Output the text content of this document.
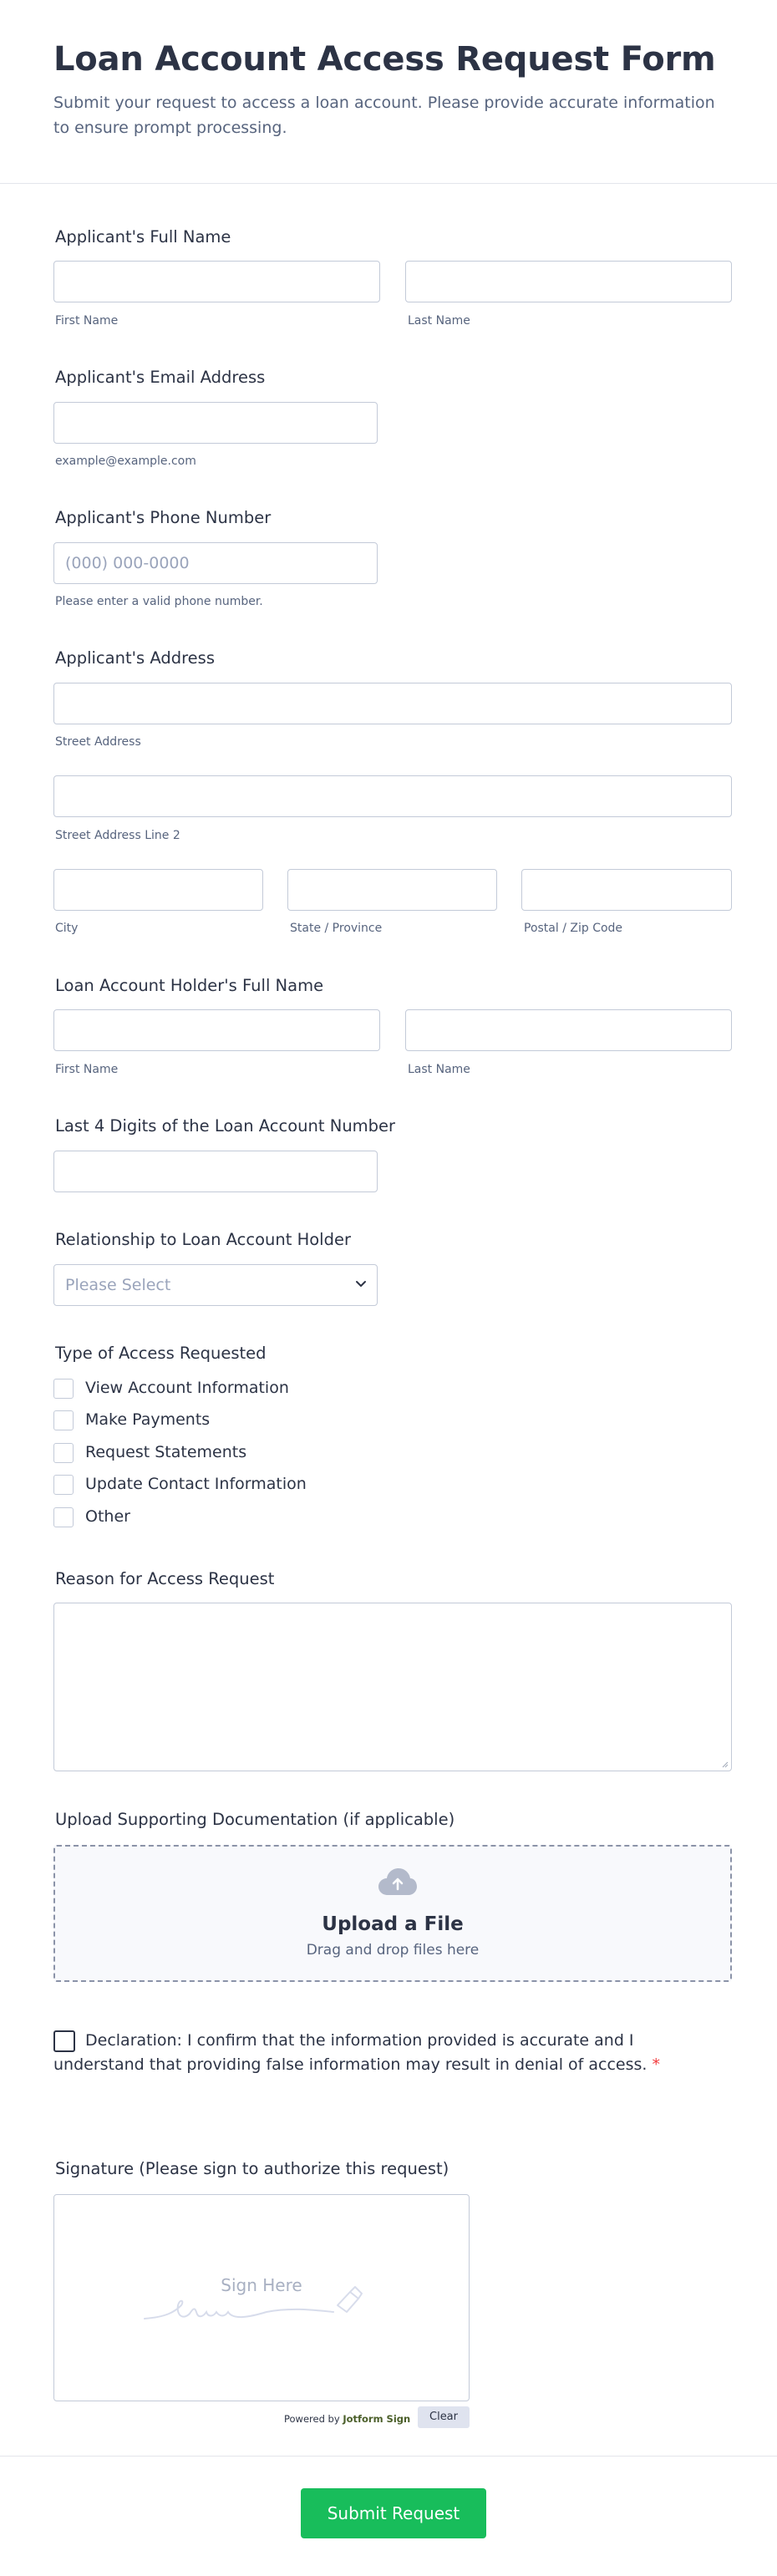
Loan Account Access Request Form
Submit your request to access a loan account. Please provide accurate information to ensure prompt processing.
Applicant's Full Name
First Name	Last Name
Applicant's Email Address
example@example.com
Applicant's Phone Number
(000) 000-0000
Please enter a valid phone number.
Applicant's Address
Street Address
Street Address Line 2
City	State / Province	Postal / Zip Code
Loan Account Holder's Full Name
First Name	Last Name
Last 4 Digits of the Loan Account Number
Relationship to Loan Account Holder
Please Select
Type of Access Requested
View Account Information
Make Payments
Request Statements
Update Contact Information
Other
Reason for Access Request
Upload Supporting Documentation (if applicable)
Upload a File
Drag and drop files here
Declaration: I confirm that the information provided is accurate and I understand that providing false information may result in denial of access. *
Signature (Please sign to authorize this request)
Sign Here
Powered by Jotform Sign	Clear
Submit Request
